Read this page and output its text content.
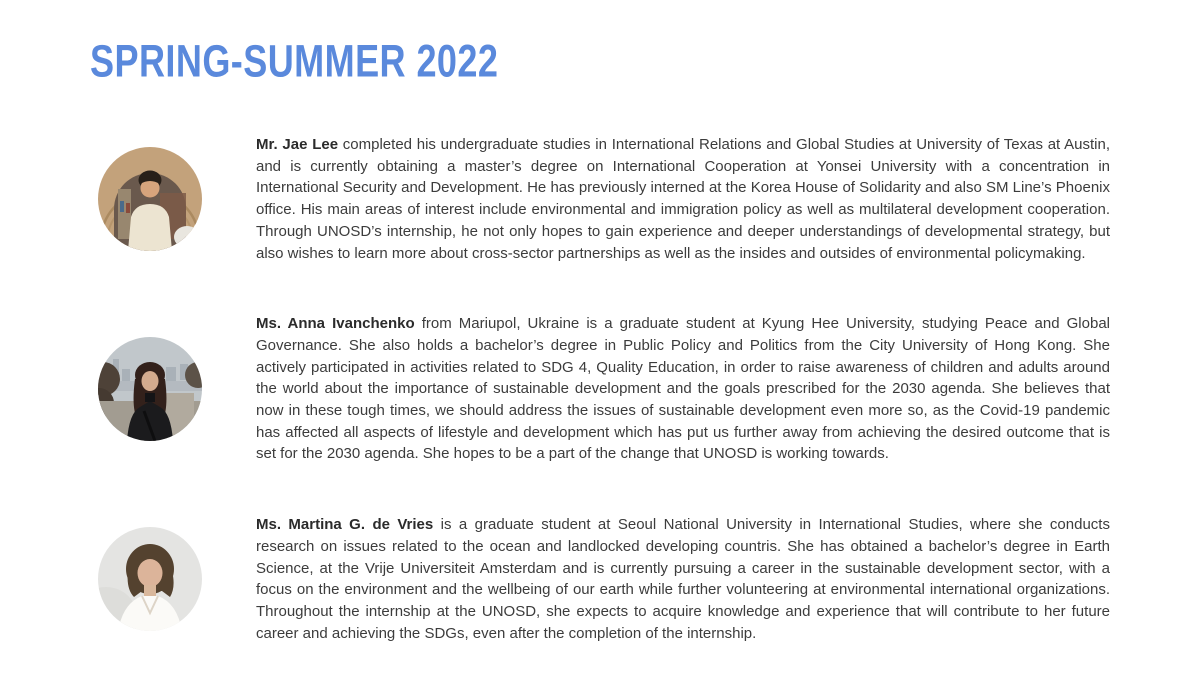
SPRING-SUMMER 2022

Mr. Jae Lee completed his undergraduate studies in International Relations and Global Studies at University of Texas at Austin, and is currently obtaining a master’s degree on International Cooperation at Yonsei University with a concentration in International Security and Development. He has previously interned at the Korea House of Solidarity and also SM Line’s Phoenix office. His main areas of interest include environmental and immigration policy as well as multilateral development cooperation. Through UNOSD’s internship, he not only hopes to gain experience and deeper understandings of developmental strategy, but also wishes to learn more about cross-sector partnerships as well as the insides and outsides of environmental policymaking.

Ms. Anna Ivanchenko from Mariupol, Ukraine is a graduate student at Kyung Hee University, studying Peace and Global Governance. She also holds a bachelor’s degree in Public Policy and Politics from the City University of Hong Kong. She actively participated in activities related to SDG 4, Quality Education, in order to raise awareness of children and adults around the world about the importance of sustainable development and the goals prescribed for the 2030 agenda. She believes that now in these tough times, we should address the issues of sustainable development even more so, as the Covid-19 pandemic has affected all aspects of lifestyle and development which has put us further away from achieving the desired outcome that is set for the 2030 agenda. She hopes to be a part of the change that UNOSD is working towards.

Ms. Martina G. de Vries is a graduate student at Seoul National University in International Studies, where she conducts research on issues related to the ocean and landlocked developing countris. She has obtained a bachelor’s degree in Earth Science, at the Vrije Universiteit Amsterdam and is currently pursuing a career in the sustainable development sector, with a focus on the environment and the wellbeing of our earth while further volunteering at environmental international organizations. Throughout the internship at the UNOSD, she expects to acquire knowledge and experience that will contribute to her future career and achieving the SDGs, even after the completion of the internship.
